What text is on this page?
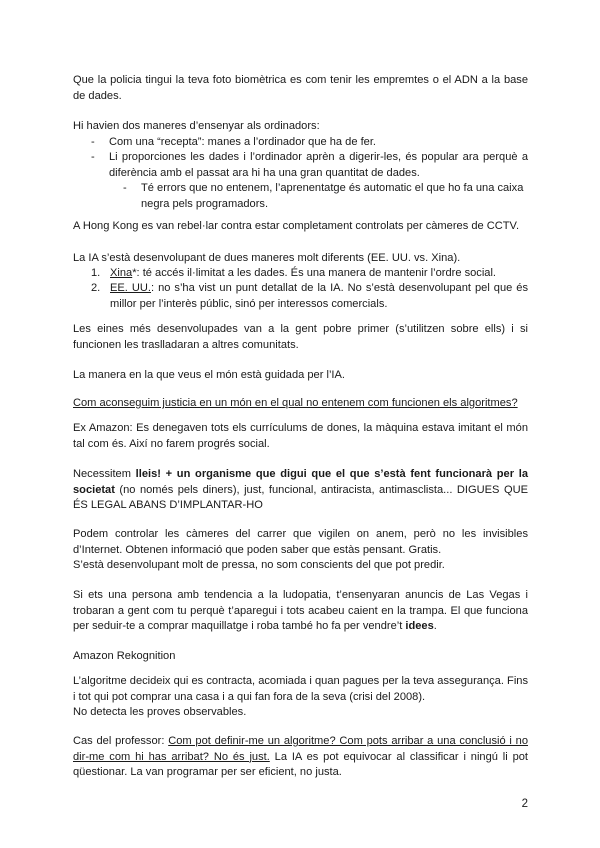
Que la policia tingui la teva foto biomètrica es com tenir les empremtes o el ADN a la base de dades.

Hi havien dos maneres d’ensenyar als ordinadors:

- Com una “recepta”: manes a l’ordinador que ha de fer.
- Li proporciones les dades i l’ordinador aprèn a digerir-les, és popular ara perquè a diferència amb el passat ara hi ha una gran quantitat de dades.
- Té errors que no entenem, l’aprenentatge és automatic el que ho fa una caixa negra pels programadors.

A Hong Kong es van rebel·lar contra estar completament controlats per càmeres de CCTV.

La IA s’està desenvolupant de dues maneres molt diferents (EE. UU. vs. Xina).

1. Xina*: té accés il·limitat a les dades. És una manera de mantenir l’ordre social.
2. EE. UU.: no s’ha vist un punt detallat de la IA. No s’està desenvolupant pel que és millor per l’interès públic, sinó per interessos comercials.

Les eines més desenvolupades van a la gent pobre primer (s’utilitzen sobre ells) i si funcionen les traslladaran a altres comunitats.

La manera en la que veus el món està guidada per l’IA.

Com aconseguim justicia en un món en el qual no entenem com funcionen els algoritmes?

Ex Amazon: Es denegaven tots els currículums de dones, la màquina estava imitant el món tal com és. Així no farem progrés social.

Necessitem lleis! + un organisme que digui que el que s’està fent funcionarà per la societat (no només pels diners), just, funcional, antiracista, antimasclista... DIGUES QUE ÉS LEGAL ABANS D’IMPLANTAR-HO

Podem controlar les càmeres del carrer que vigilen on anem, però no les invisibles d’Internet. Obtenen informació que poden saber que estàs pensant. Gratis.

S’està desenvolupant molt de pressa, no som conscients del que pot predir.

Si ets una persona amb tendencia a la ludopatia, t’ensenyaran anuncis de Las Vegas i trobaran a gent com tu perquè t’aparegui i tots acabeu caient en la trampa. El que funciona per seduir-te a comprar maquillatge i roba també ho fa per vendre’t idees.

Amazon Rekognition

L’algoritme decideix qui es contracta, acomiada i quan pagues per la teva assegurança. Fins i tot qui pot comprar una casa i a qui fan fora de la seva (crisi del 2008).

No detecta les proves observables.

Cas del professor: Com pot definir-me un algoritme? Com pots arribar a una conclusió i no dir-me com hi has arribat? No és just. La IA es pot equivocar al classificar i ningú li pot qüestionar. La van programar per ser eficient, no justa.

2
